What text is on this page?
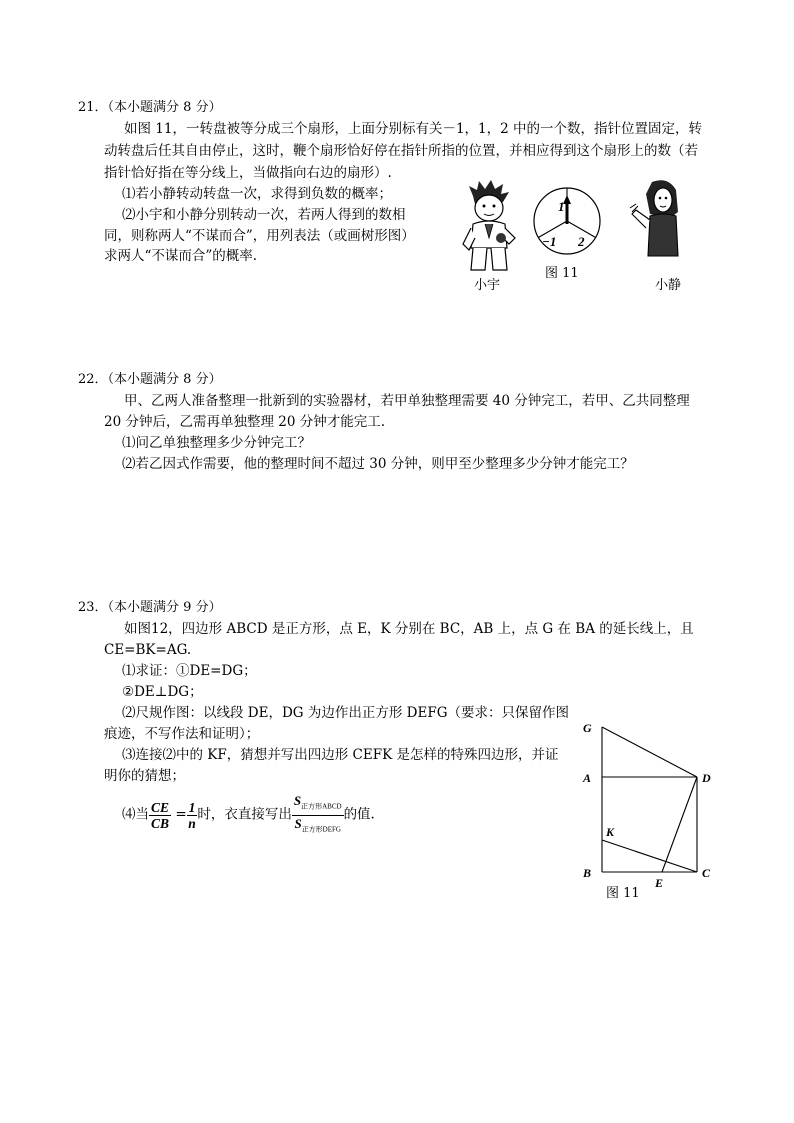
21．（本小题满分 8 分）
如图 11，一转盘被等分成三个扇形，上面分别标有关－1，1，2 中的一个数，指针位置固定，转
动转盘后任其自由停止，这时，鞭个扇形恰好停在指针所指的位置，并相应得到这个扇形上的数（若
指针恰好指在等分线上，当做指向右边的扇形）.
⑴若小静转动转盘一次，求得到负数的概率；
⑵小宇和小静分别转动一次，若两人得到的数相
同，则称两人“不谋而合”，用列表法（或画树形图）
求两人“不谋而合”的概率.
小宇
1
−1 2
图 11
小静
22．（本小题满分 8 分）
甲、乙两人准备整理一批新到的实验器材，若甲单独整理需要 40 分钟完工，若甲、乙共同整理
20 分钟后，乙需再单独整理 20 分钟才能完工.
⑴问乙单独整理多少分钟完工？
⑵若乙因式作需要，他的整理时间不超过 30 分钟，则甲至少整理多少分钟才能完工？
23．（本小题满分 9 分）
如图12，四边形 ABCD 是正方形，点 E，K 分别在 BC，AB 上，点 G 在 BA 的延长线上，且
CE=BK=AG.
⑴求证：①DE=DG；
②DE⊥DG；
⑵尺规作图：以线段 DE，DG 为边作出正方形 DEFG（要求：只保留作图
痕迹，不写作法和证明）；
⑶连接⑵中的 KF，猜想并写出四边形 CEFK 是怎样的特殊四边形，并证
明你的猜想；
⑷当 $\frac{CE}{CB} = \frac{1}{n}$ 时，衣直接写出 $\frac{S_{正方形ABCD}}{S_{正方形DEFG}}$ 的值.
G
A	D
K
B
E
C
图 11
